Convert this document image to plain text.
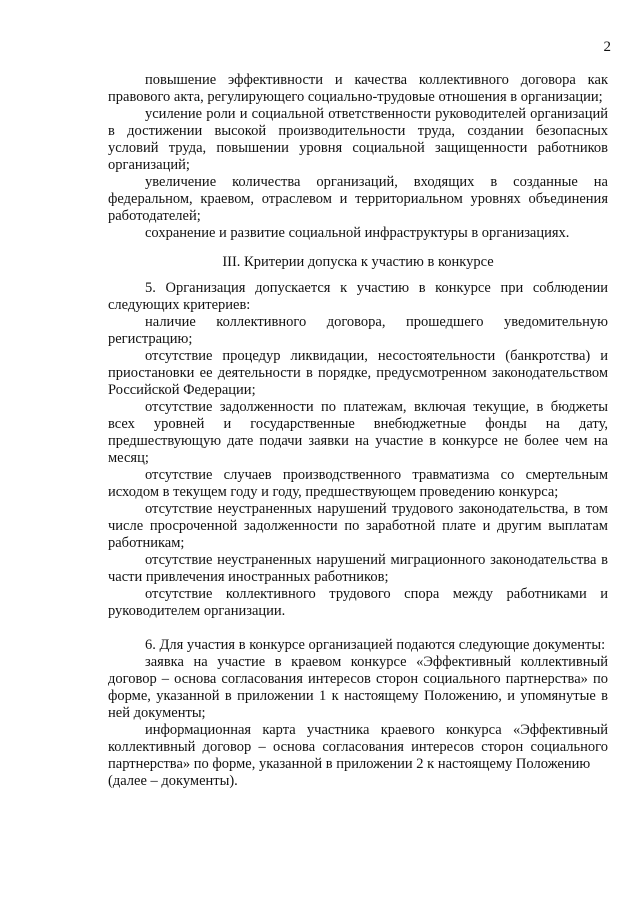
2

повышение эффективности и качества коллективного договора как правового акта, регулирующего социально-трудовые отношения в организации;

усиление роли и социальной ответственности руководителей организаций в достижении высокой производительности труда, создании безопасных условий труда, повышении уровня социальной защищенности работников организаций;

увеличение количества организаций, входящих в созданные на федеральном, краевом, отраслевом и территориальном уровнях объединения работодателей;

сохранение и развитие социальной инфраструктуры в организациях.

III. Критерии допуска к участию в конкурсе

5. Организация допускается к участию в конкурсе при соблюдении следующих критериев:

наличие коллективного договора, прошедшего уведомительную регистрацию;

отсутствие процедур ликвидации, несостоятельности (банкротства) и приостановки ее деятельности в порядке, предусмотренном законодательством Российской Федерации;

отсутствие задолженности по платежам, включая текущие, в бюджеты всех уровней и государственные внебюджетные фонды на дату, предшествующую дате подачи заявки на участие в конкурсе не более чем на месяц;

отсутствие случаев производственного травматизма со смертельным исходом в текущем году и году, предшествующем проведению конкурса;

отсутствие неустраненных нарушений трудового законодательства, в том числе просроченной задолженности по заработной плате и другим выплатам работникам;

отсутствие неустраненных нарушений миграционного законодательства в части привлечения иностранных работников;

отсутствие коллективного трудового спора между работниками и руководителем организации.

6. Для участия в конкурсе организацией подаются следующие документы:

заявка на участие в краевом конкурсе «Эффективный коллективный договор – основа согласования интересов сторон социального партнерства» по форме, указанной в приложении 1 к настоящему Положению, и упомянутые в ней документы;

информационная карта участника краевого конкурса «Эффективный коллективный договор – основа согласования интересов сторон социального партнерства» по форме, указанной в приложении 2 к настоящему Положению

(далее – документы).
